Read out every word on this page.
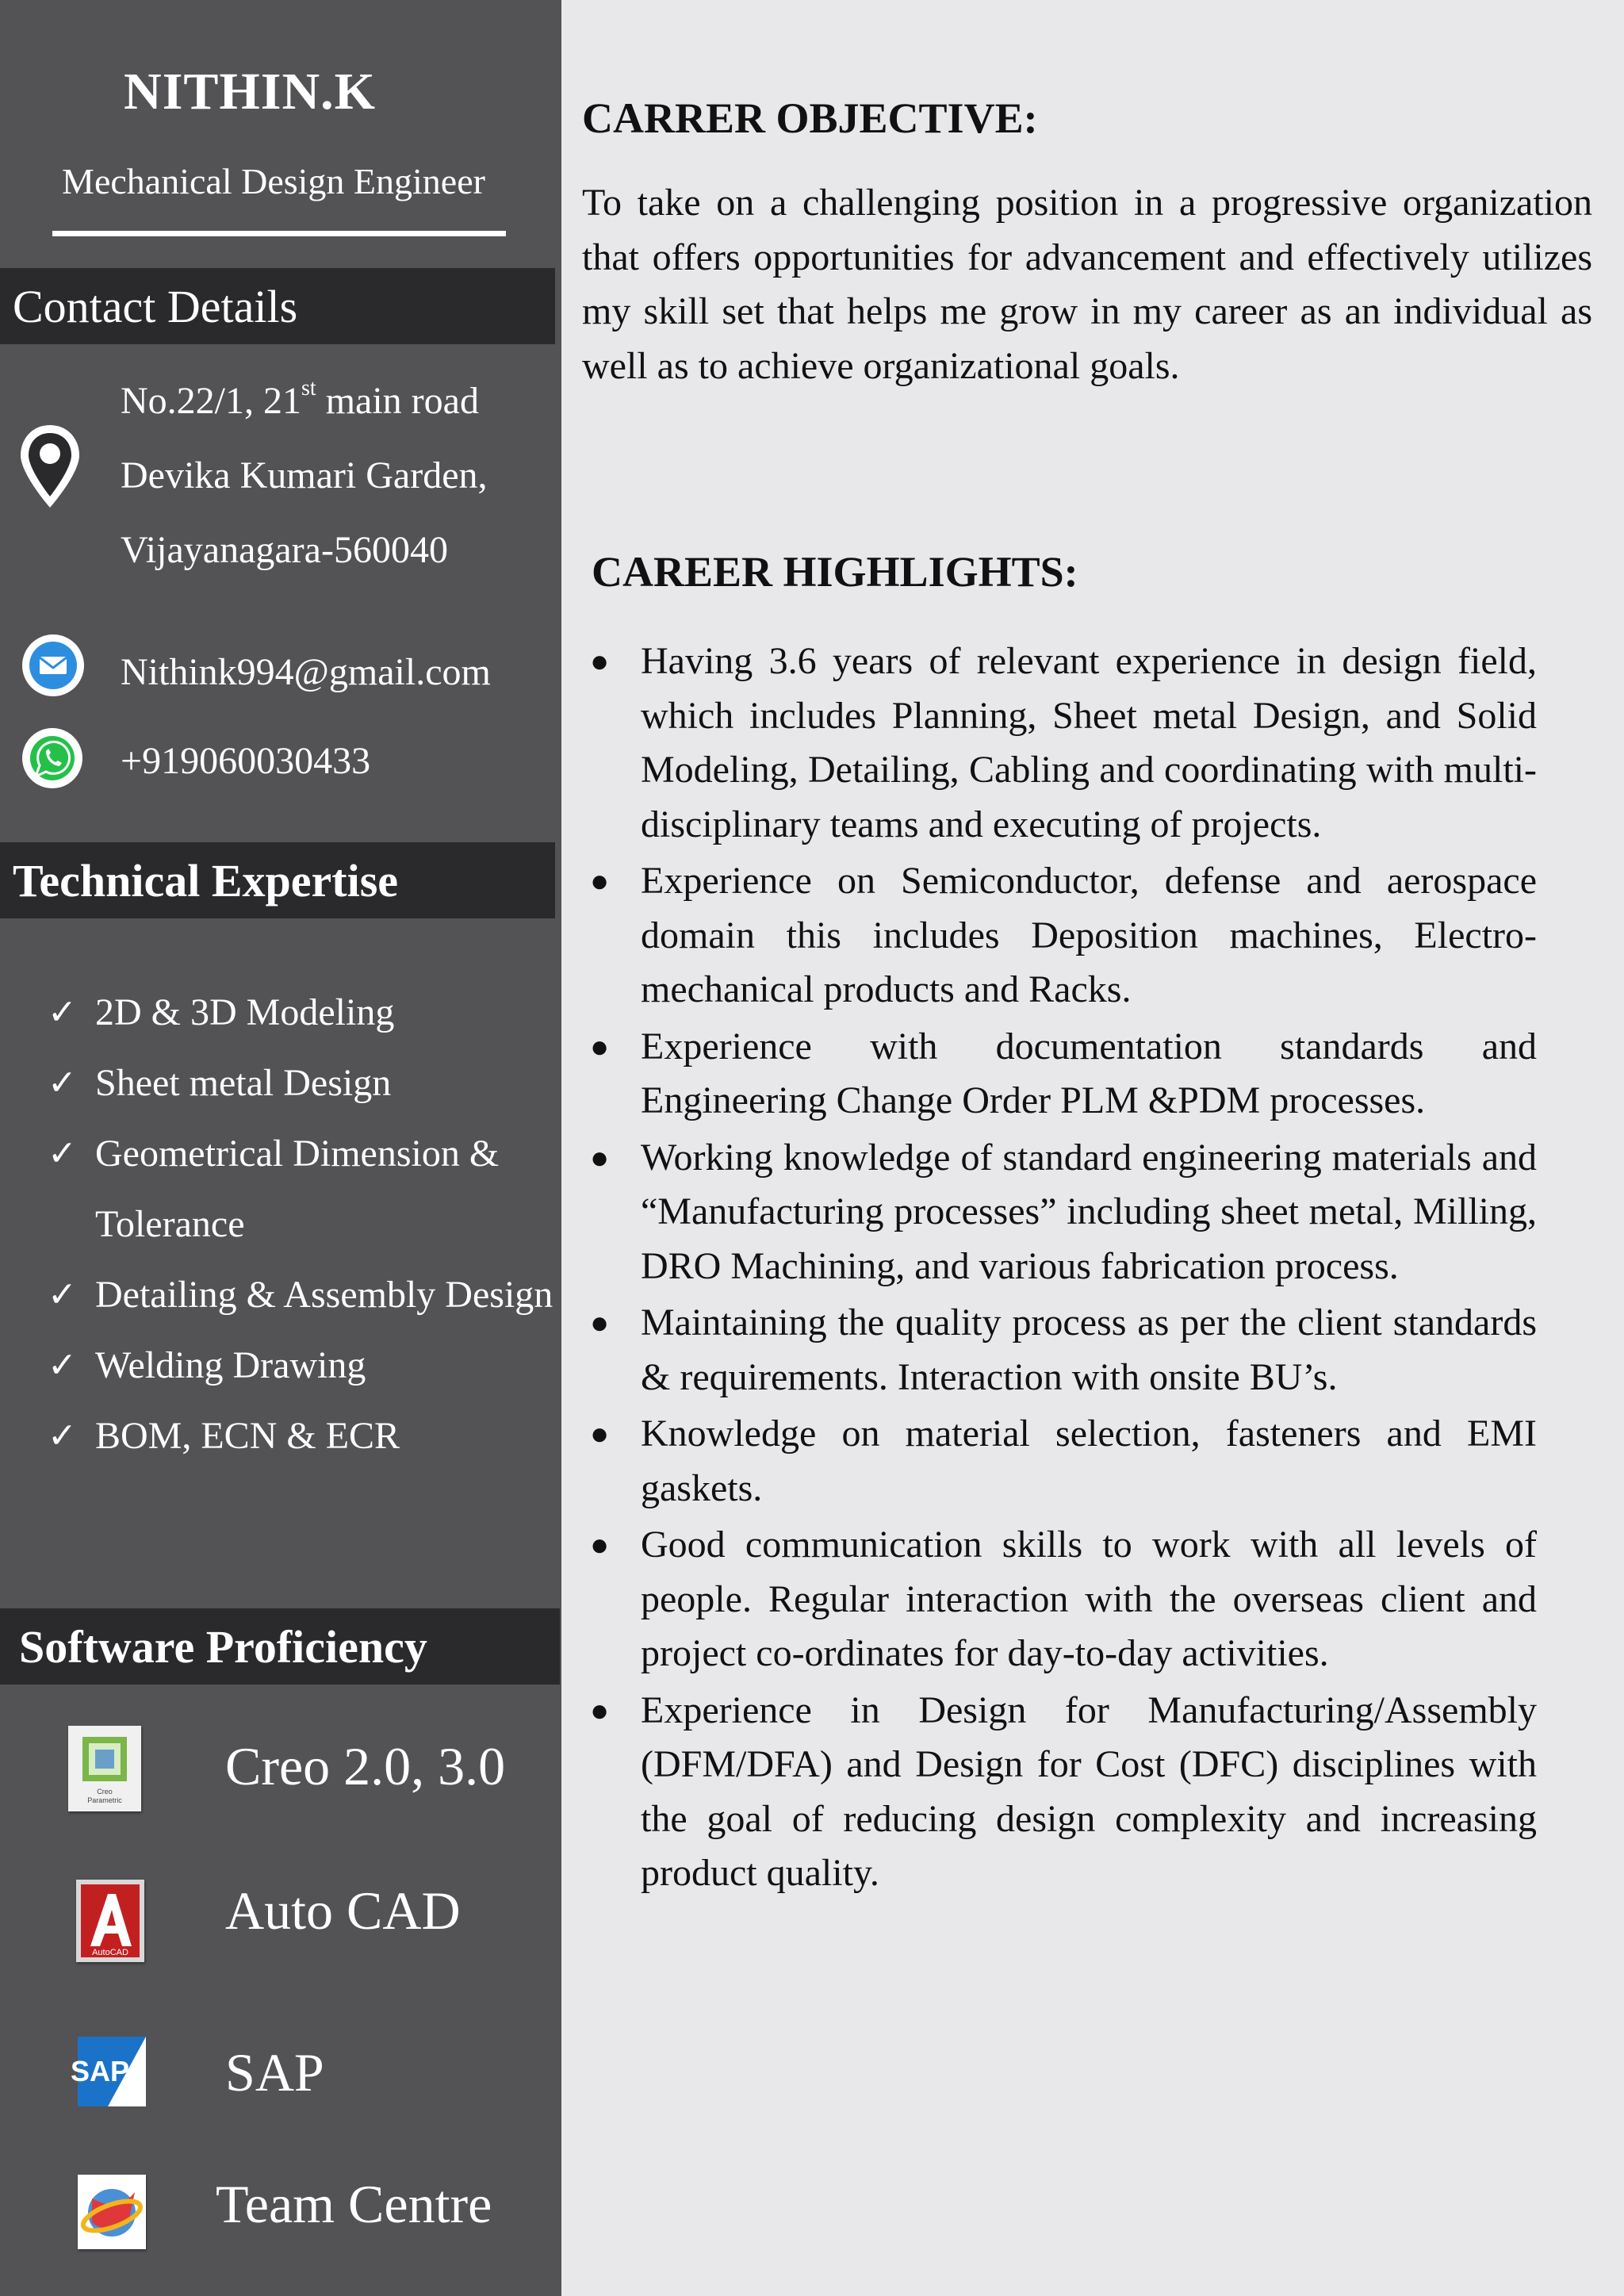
NITHIN.K
Mechanical Design Engineer
Contact Details
No.22/1, 21st main road
Devika Kumari Garden,
Vijayanagara-560040
Nithink994@gmail.com
+919060030433
Technical Expertise
✓ 2D & 3D Modeling
✓ Sheet metal Design
✓ Geometrical Dimension & Tolerance
✓ Detailing & Assembly Design
✓ Welding Drawing
✓ BOM, ECN & ECR
Software Proficiency
Creo
Parametric
Creo 2.0, 3.0
AutoCAD
Auto CAD
SAP SAP
Team Centre
CARRER OBJECTIVE:
To take on a challenging position in a progressive organization that offers opportunities for advancement and effectively utilizes my skill set that helps me grow in my career as an individual as well as to achieve organizational goals.
CAREER HIGHLIGHTS:
● Having 3.6 years of relevant experience in design field, which includes Planning, Sheet metal Design, and Solid Modeling, Detailing, Cabling and coordinating with multi-disciplinary teams and executing of projects.
● Experience on Semiconductor, defense and aerospace domain this includes Deposition machines, Electro-mechanical products and Racks.
● Experience with documentation standards and Engineering Change Order PLM &PDM processes.
● Working knowledge of standard engineering materials and “Manufacturing processes” including sheet metal, Milling, DRO Machining, and various fabrication process.
● Maintaining the quality process as per the client standards & requirements. Interaction with onsite BU’s.
● Knowledge on material selection, fasteners and EMI gaskets.
● Good communication skills to work with all levels of people. Regular interaction with the overseas client and project co-ordinates for day-to-day activities.
● Experience in Design for Manufacturing/Assembly (DFM/DFA) and Design for Cost (DFC) disciplines with the goal of reducing design complexity and increasing product quality.
